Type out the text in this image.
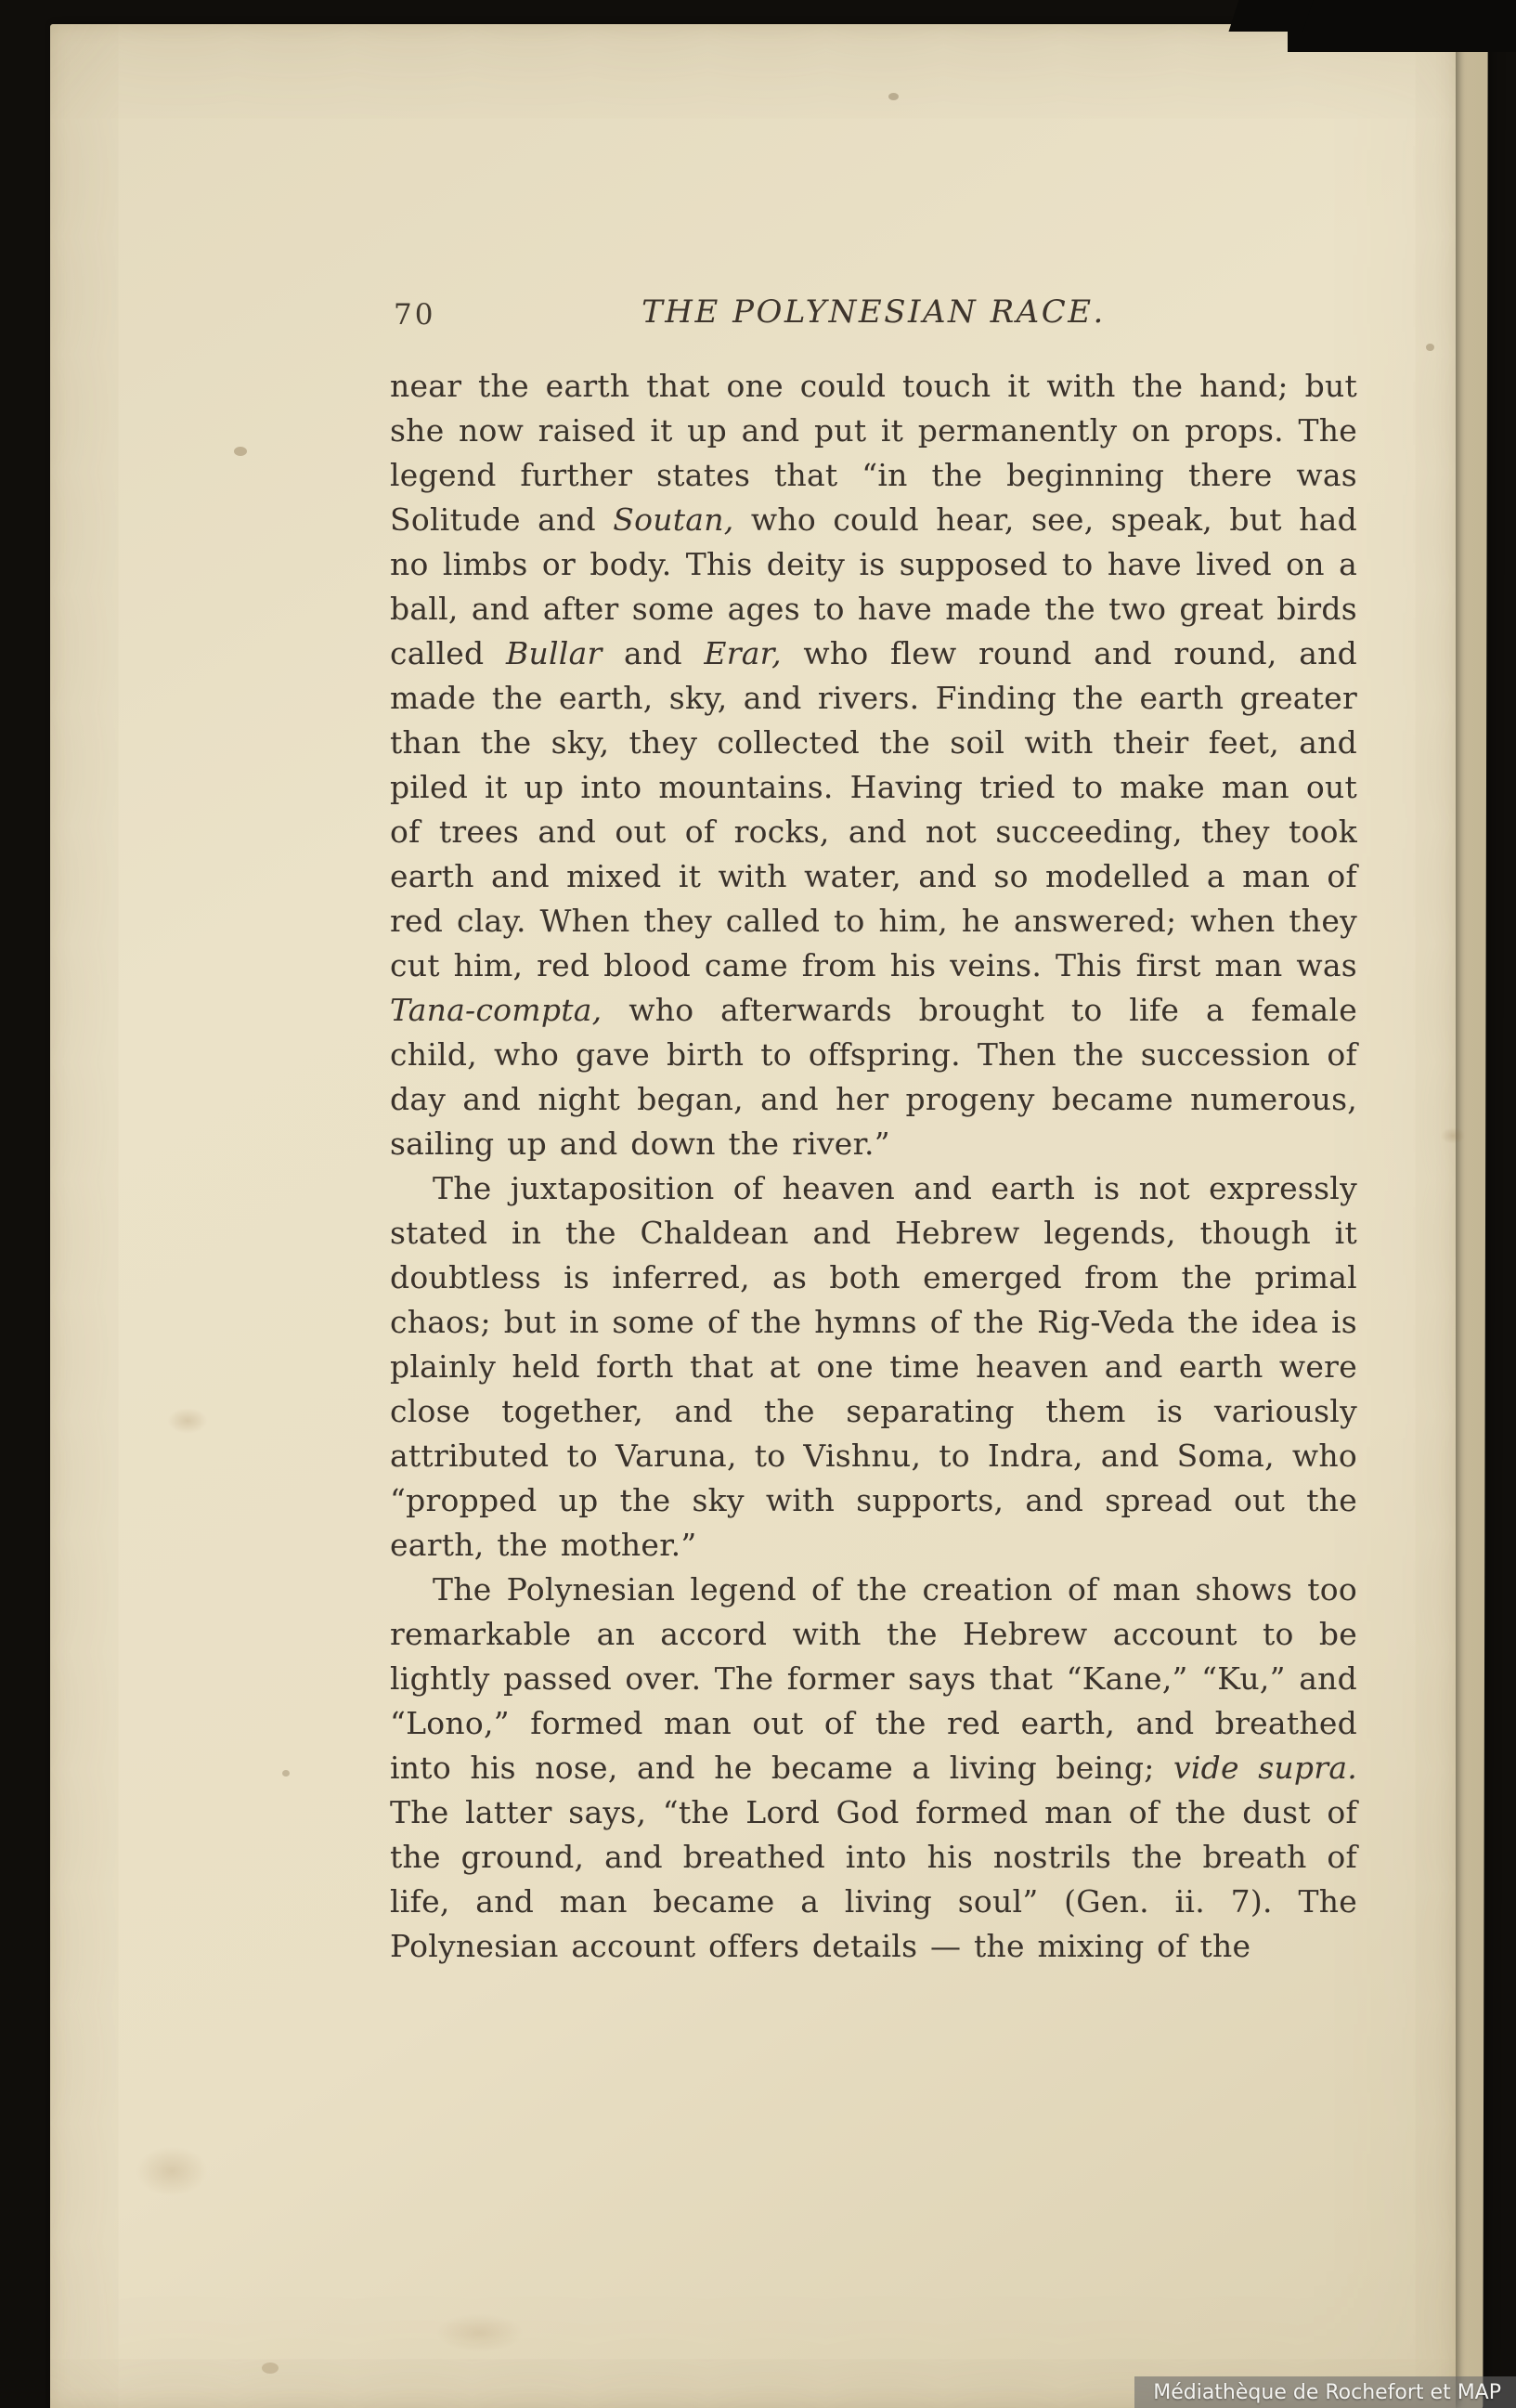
70	THE POLYNESIAN RACE.

near the earth that one could touch it with the hand; but she now raised it up and put it permanently on props. The legend further states that “in the beginning there was Solitude and Soutan, who could hear, see, speak, but had no limbs or body. This deity is supposed to have lived on a ball, and after some ages to have made the two great birds called Bullar and Erar, who flew round and round, and made the earth, sky, and rivers. Finding the earth greater than the sky, they collected the soil with their feet, and piled it up into mountains. Having tried to make man out of trees and out of rocks, and not succeeding, they took earth and mixed it with water, and so modelled a man of red clay. When they called to him, he answered; when they cut him, red blood came from his veins. This first man was Tana-compta, who afterwards brought to life a female child, who gave birth to offspring. Then the succession of day and night began, and her progeny became numerous, sailing up and down the river.”

The juxtaposition of heaven and earth is not expressly stated in the Chaldean and Hebrew legends, though it doubtless is inferred, as both emerged from the primal chaos; but in some of the hymns of the Rig-Veda the idea is plainly held forth that at one time heaven and earth were close together, and the separating them is variously attributed to Varuna, to Vishnu, to Indra, and Soma, who “propped up the sky with supports, and spread out the earth, the mother.”

The Polynesian legend of the creation of man shows too remarkable an accord with the Hebrew account to be lightly passed over. The former says that “Kane,” “Ku,” and “Lono,” formed man out of the red earth, and breathed into his nose, and he became a living being; vide supra. The latter says, “the Lord God formed man of the dust of the ground, and breathed into his nostrils the breath of life, and man became a living soul” (Gen. ii. 7). The Polynesian account offers details — the mixing of the

Médiathèque de Rochefort et MAP
